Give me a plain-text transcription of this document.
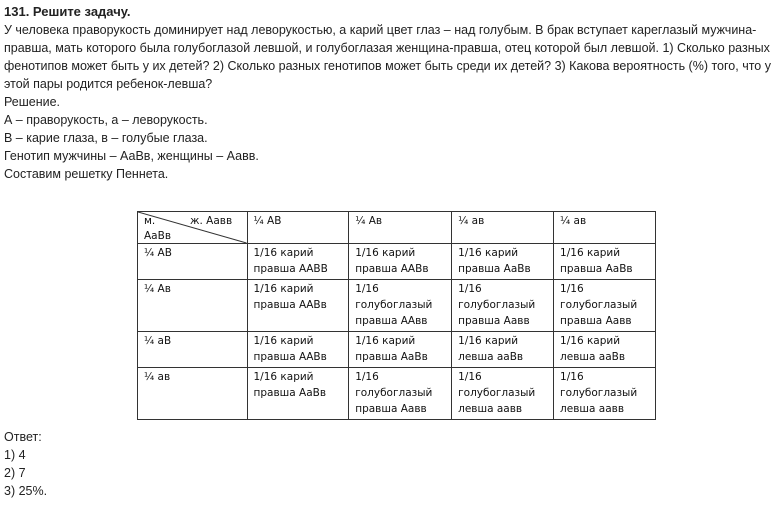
131. Решите задачу.
У человека праворукость доминирует над леворукостью, а карий цвет глаз – над голубым. В брак вступает кареглазый мужчина-правша, мать которого была голубоглазой левшой, и голубоглазая женщина-правша, отец которой был левшой. 1) Сколько разных фенотипов может быть у их детей? 2) Сколько разных генотипов может быть среди их детей? 3) Какова вероятность (%) того, что у этой пары родится ребенок-левша?
Решение.
А – праворукость, а – леворукость.
В – карие глаза, в – голубые глаза.
Генотип мужчины – АаВв, женщины – Аавв.
Составим решетку Пеннета.
м. ж. Аавв
АаВв	¼ АВ	¼ Ав	¼ ав	¼ ав
¼ АВ	1/16 карий правша ААВВ	1/16 карий правша ААВв	1/16 карий правша АаВв	1/16 карий правша АаВв
¼ Ав	1/16 карий правша ААВв	1/16 голубоглазый правша ААвв	1/16 голубоглазый правша Аавв	1/16 голубоглазый правша Аавв
¼ аВ	1/16 карий правша ААВв	1/16 карий правша АаВв	1/16 карий левша ааВв	1/16 карий левша ааВв
¼ ав	1/16 карий правша АаВв	1/16 голубоглазый правша Аавв	1/16 голубоглазый левша аавв	1/16 голубоглазый левша аавв
Ответ:
1) 4
2) 7
3) 25%.
